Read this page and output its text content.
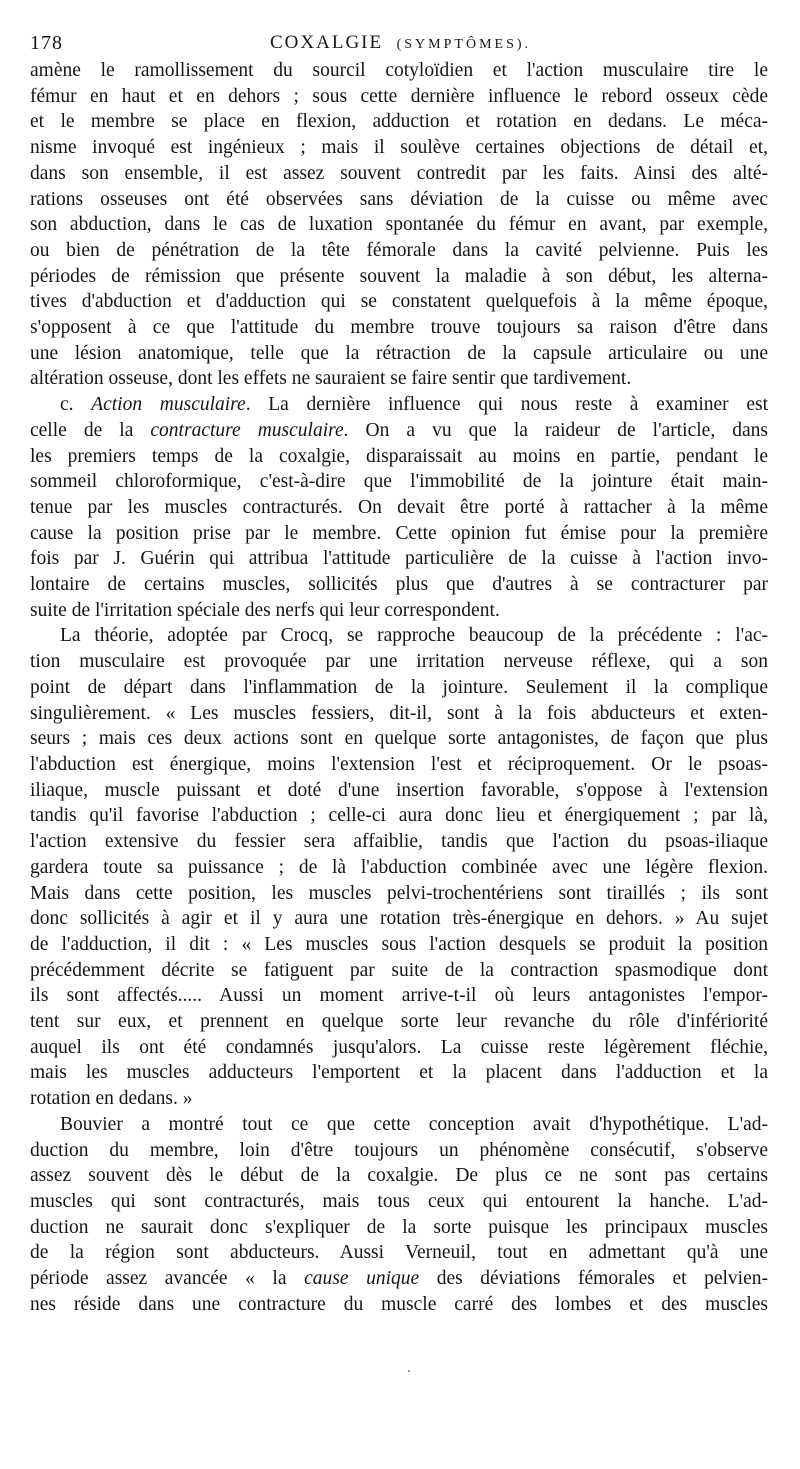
178	COXALGIE (SYMPTÔMES).
amène le ramollissement du sourcil cotyloïdien et l'action musculaire tire le
fémur en haut et en dehors ; sous cette dernière influence le rebord osseux cède
et le membre se place en flexion, adduction et rotation en dedans. Le méca-
nisme invoqué est ingénieux ; mais il soulève certaines objections de détail et,
dans son ensemble, il est assez souvent contredit par les faits. Ainsi des alté-
rations osseuses ont été observées sans déviation de la cuisse ou même avec
son abduction, dans le cas de luxation spontanée du fémur en avant, par exemple,
ou bien de pénétration de la tête fémorale dans la cavité pelvienne. Puis les
périodes de rémission que présente souvent la maladie à son début, les alterna-
tives d'abduction et d'adduction qui se constatent quelquefois à la même époque,
s'opposent à ce que l'attitude du membre trouve toujours sa raison d'être dans
une lésion anatomique, telle que la rétraction de la capsule articulaire ou une
altération osseuse, dont les effets ne sauraient se faire sentir que tardivement.
c. Action musculaire. La dernière influence qui nous reste à examiner est
celle de la contracture musculaire. On a vu que la raideur de l'article, dans
les premiers temps de la coxalgie, disparaissait au moins en partie, pendant le
sommeil chloroformique, c'est-à-dire que l'immobilité de la jointure était main-
tenue par les muscles contracturés. On devait être porté à rattacher à la même
cause la position prise par le membre. Cette opinion fut émise pour la première
fois par J. Guérin qui attribua l'attitude particulière de la cuisse à l'action invo-
lontaire de certains muscles, sollicités plus que d'autres à se contracturer par
suite de l'irritation spéciale des nerfs qui leur correspondent.
La théorie, adoptée par Crocq, se rapproche beaucoup de la précédente : l'ac-
tion musculaire est provoquée par une irritation nerveuse réflexe, qui a son
point de départ dans l'inflammation de la jointure. Seulement il la complique
singulièrement. « Les muscles fessiers, dit-il, sont à la fois abducteurs et exten-
seurs ; mais ces deux actions sont en quelque sorte antagonistes, de façon que plus
l'abduction est énergique, moins l'extension l'est et réciproquement. Or le psoas-
iliaque, muscle puissant et doté d'une insertion favorable, s'oppose à l'extension
tandis qu'il favorise l'abduction ; celle-ci aura donc lieu et énergiquement ; par là,
l'action extensive du fessier sera affaiblie, tandis que l'action du psoas-iliaque
gardera toute sa puissance ; de là l'abduction combinée avec une légère flexion.
Mais dans cette position, les muscles pelvi-trochentériens sont tiraillés ; ils sont
donc sollicités à agir et il y aura une rotation très-énergique en dehors. » Au sujet
de l'adduction, il dit : « Les muscles sous l'action desquels se produit la position
précédemment décrite se fatiguent par suite de la contraction spasmodique dont
ils sont affectés..... Aussi un moment arrive-t-il où leurs antagonistes l'empor-
tent sur eux, et prennent en quelque sorte leur revanche du rôle d'infériorité
auquel ils ont été condamnés jusqu'alors. La cuisse reste légèrement fléchie,
mais les muscles adducteurs l'emportent et la placent dans l'adduction et la
rotation en dedans. »
Bouvier a montré tout ce que cette conception avait d'hypothétique. L'ad-
duction du membre, loin d'être toujours un phénomène consécutif, s'observe
assez souvent dès le début de la coxalgie. De plus ce ne sont pas certains
muscles qui sont contracturés, mais tous ceux qui entourent la hanche. L'ad-
duction ne saurait donc s'expliquer de la sorte puisque les principaux muscles
de la région sont abducteurs. Aussi Verneuil, tout en admettant qu'à une
période assez avancée « la cause unique des déviations fémorales et pelvien-
nes réside dans une contracture du muscle carré des lombes et des muscles
